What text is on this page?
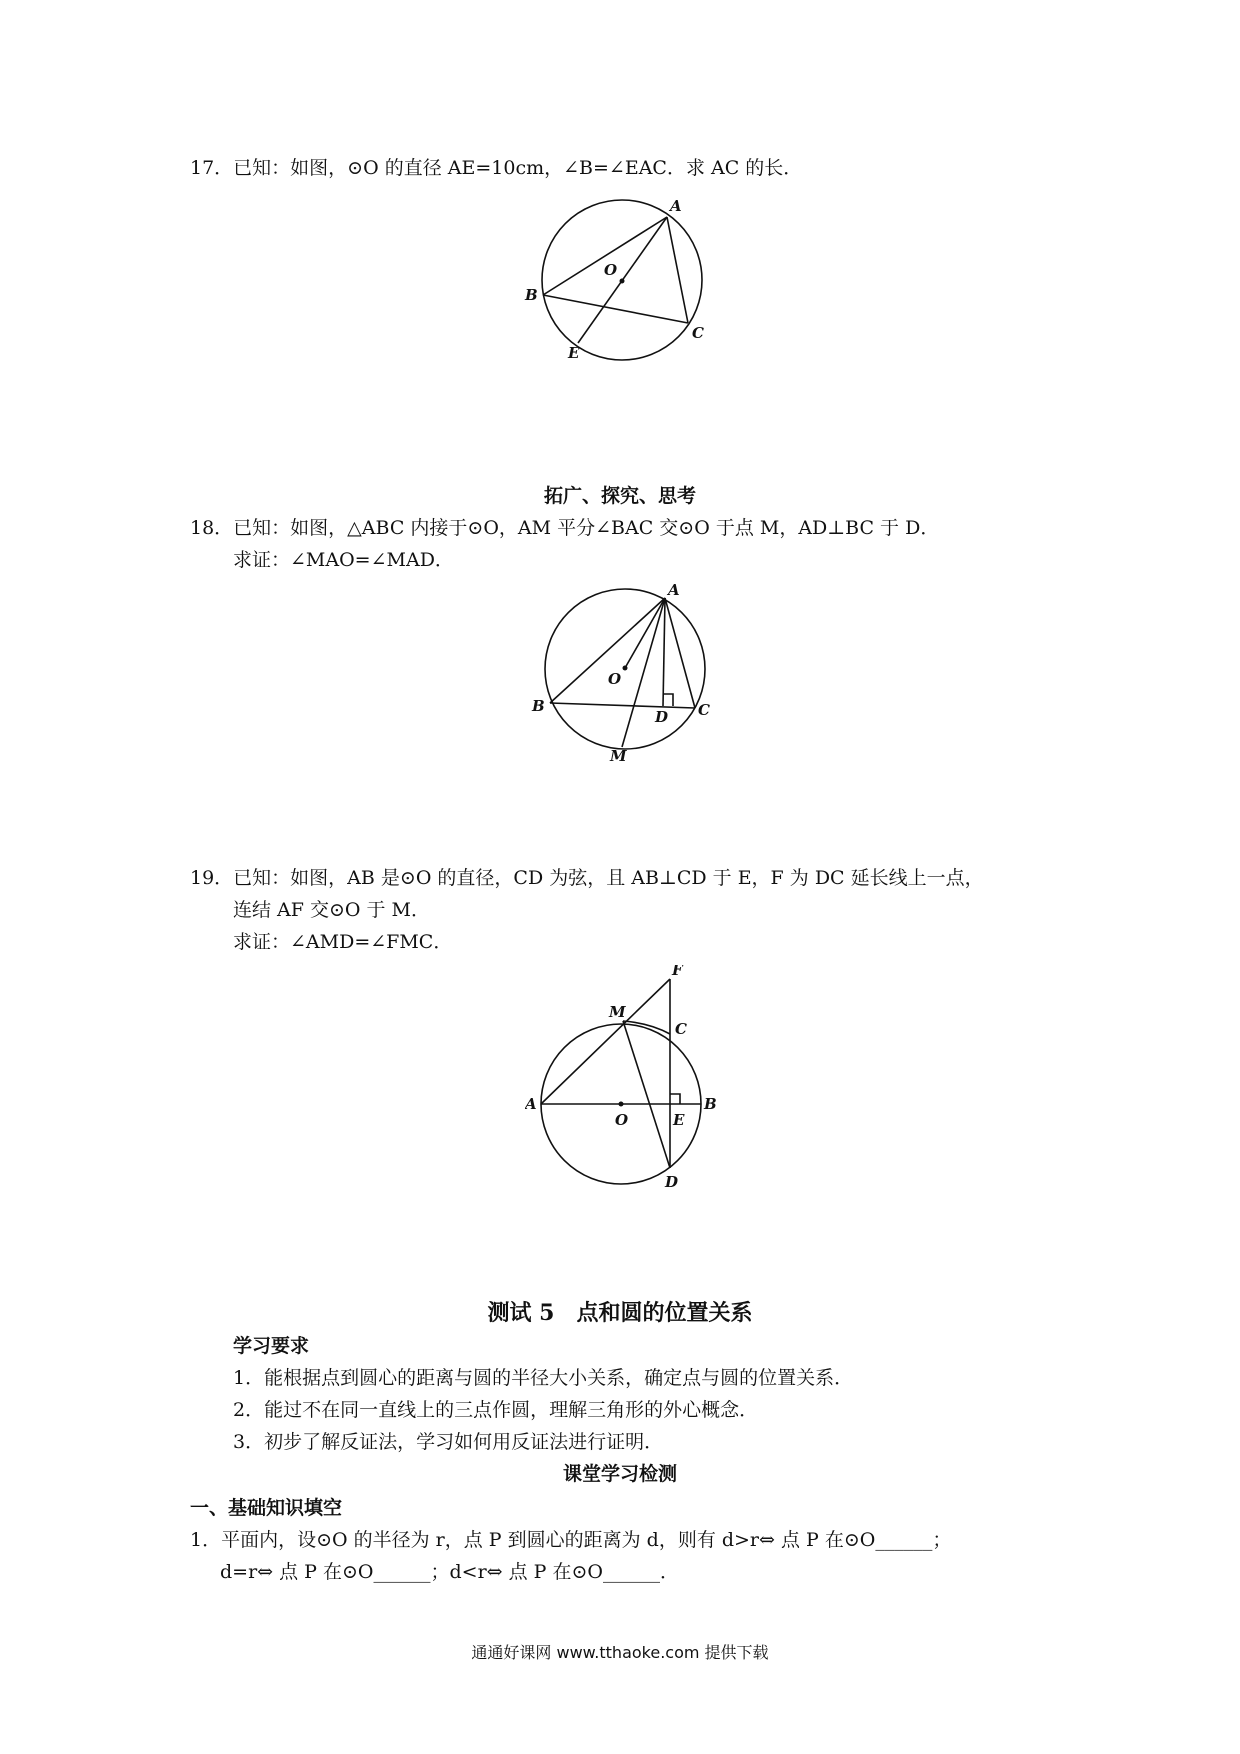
17．已知：如图，⊙O 的直径 AE=10cm，∠B=∠EAC．求 AC 的长．
A
B
C
E
O
拓广、探究、思考
18．已知：如图，△ABC 内接于⊙O，AM 平分∠BAC 交⊙O 于点 M，AD⊥BC 于 D．
求证：∠MAO=∠MAD．
A
B	C
D
M
O
19．已知：如图，AB 是⊙O 的直径，CD 为弦，且 AB⊥CD 于 E，F 为 DC 延长线上一点，
连结 AF 交⊙O 于 M．
求证：∠AMD=∠FMC．
F
M
C
A	B
O	E
D
测试 5　点和圆的位置关系
学习要求
1．能根据点到圆心的距离与圆的半径大小关系，确定点与圆的位置关系．
2．能过不在同一直线上的三点作圆，理解三角形的外心概念．
3．初步了解反证法，学习如何用反证法进行证明．
课堂学习检测
一、基础知识填空
1．平面内，设⊙O 的半径为 r，点 P 到圆心的距离为 d，则有 d>r⇔ 点 P 在⊙O______；
d=r⇔ 点 P 在⊙O______；d<r⇔ 点 P 在⊙O______．
通通好课网 www.tthaoke.com 提供下载
